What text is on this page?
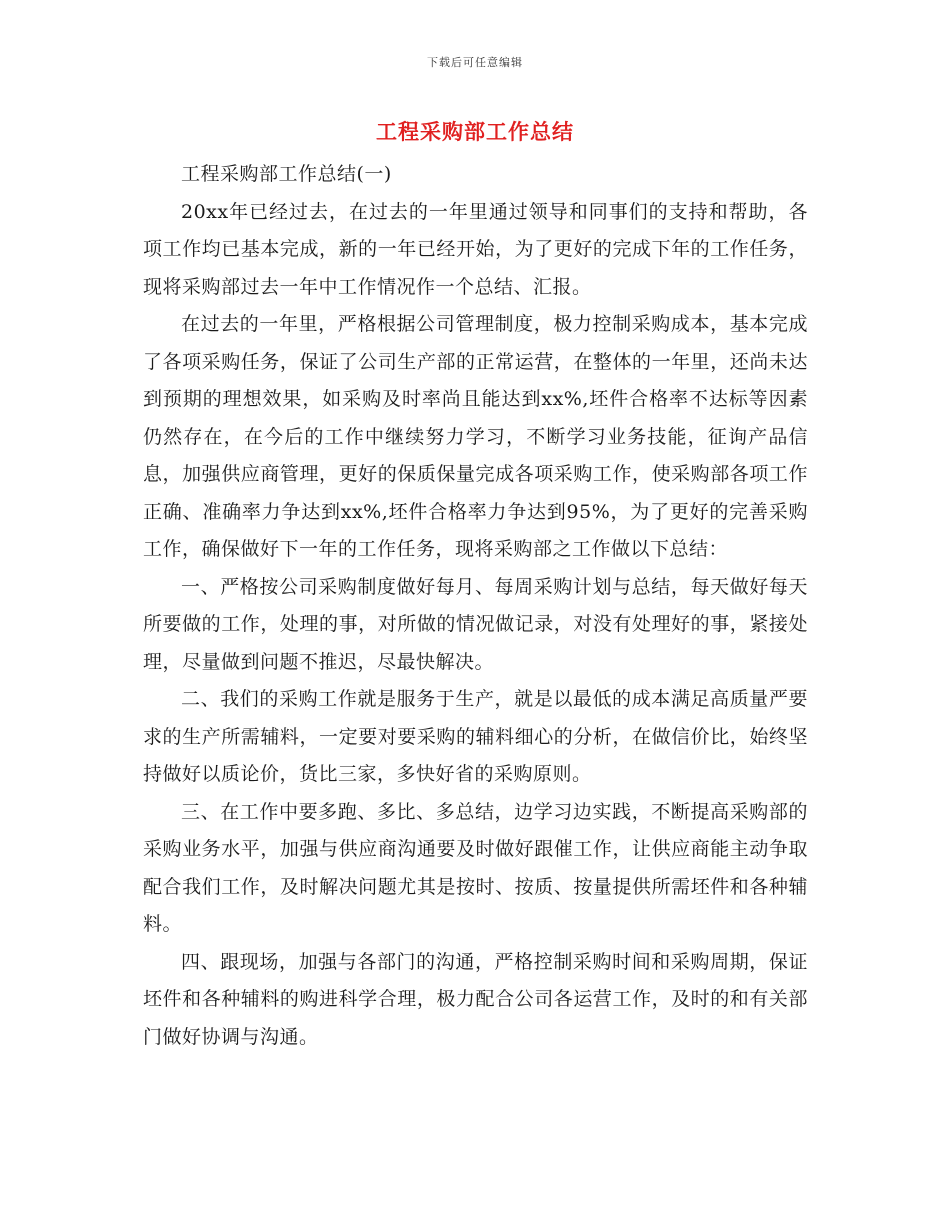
下载后可任意编辑
工程采购部工作总结

工程采购部工作总结(一)

20xx年已经过去，在过去的一年里通过领导和同事们的支持和帮助，各项工作均已基本完成，新的一年已经开始，为了更好的完成下年的工作任务，现将采购部过去一年中工作情况作一个总结、汇报。

在过去的一年里，严格根据公司管理制度，极力控制采购成本，基本完成了各项采购任务，保证了公司生产部的正常运营，在整体的一年里，还尚未达到预期的理想效果，如采购及时率尚且能达到xx%,坯件合格率不达标等因素仍然存在，在今后的工作中继续努力学习，不断学习业务技能，征询产品信息，加强供应商管理，更好的保质保量完成各项采购工作，使采购部各项工作正确、准确率力争达到xx%,坯件合格率力争达到95%，为了更好的完善采购工作，确保做好下一年的工作任务，现将采购部之工作做以下总结：

一、严格按公司采购制度做好每月、每周采购计划与总结，每天做好每天所要做的工作，处理的事，对所做的情况做记录，对没有处理好的事，紧接处理，尽量做到问题不推迟，尽最快解决。

二、我们的采购工作就是服务于生产，就是以最低的成本满足高质量严要求的生产所需辅料，一定要对要采购的辅料细心的分析，在做信价比，始终坚持做好以质论价，货比三家，多快好省的采购原则。

三、在工作中要多跑、多比、多总结，边学习边实践，不断提高采购部的采购业务水平，加强与供应商沟通要及时做好跟催工作，让供应商能主动争取配合我们工作，及时解决问题尤其是按时、按质、按量提供所需坯件和各种辅料。

四、跟现场，加强与各部门的沟通，严格控制采购时间和采购周期，保证坯件和各种辅料的购进科学合理，极力配合公司各运营工作，及时的和有关部门做好协调与沟通。
